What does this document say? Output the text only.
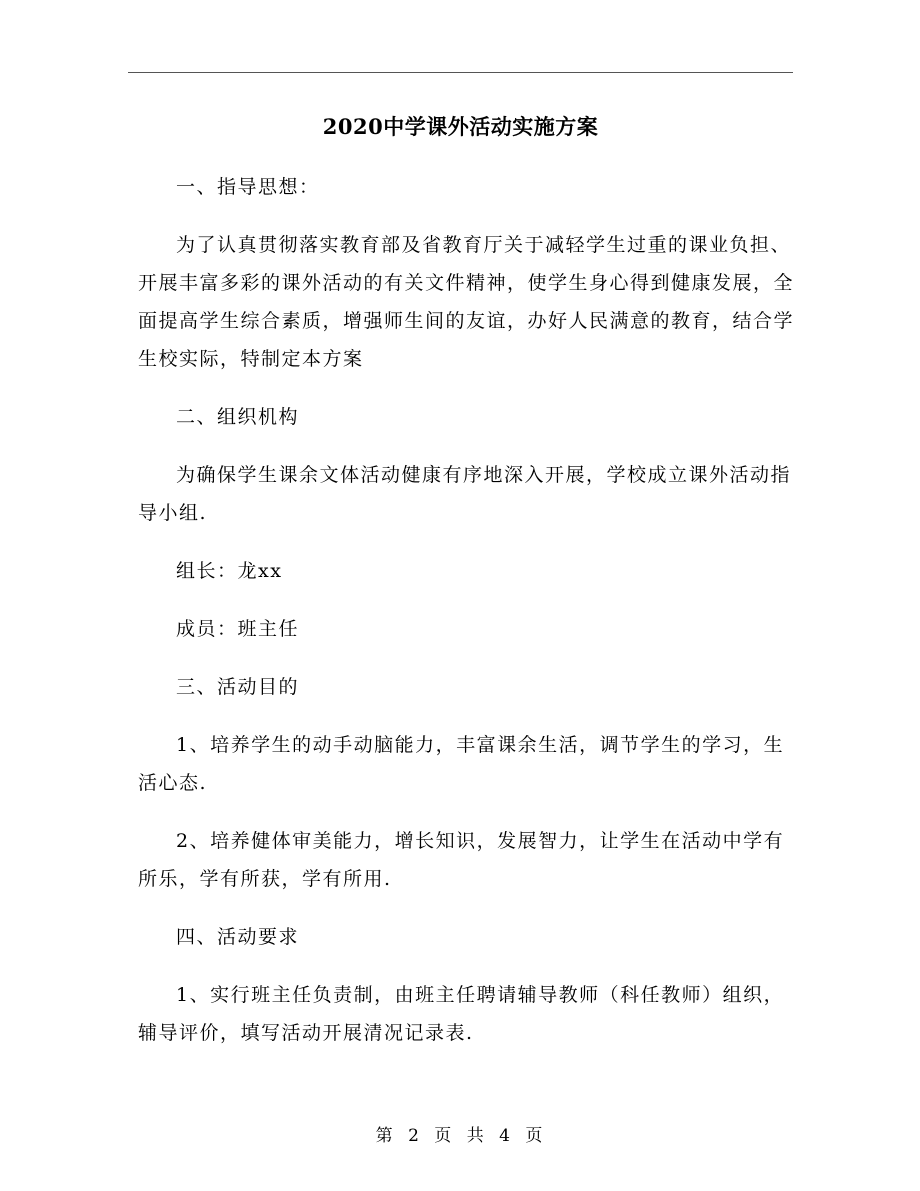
2020中学课外活动实施方案

一、指导思想：

为了认真贯彻落实教育部及省教育厅关于减轻学生过重的课业负担、开展丰富多彩的课外活动的有关文件精神，使学生身心得到健康发展，全面提高学生综合素质，增强师生间的友谊，办好人民满意的教育，结合学生校实际，特制定本方案

二、组织机构

为确保学生课余文体活动健康有序地深入开展，学校成立课外活动指导小组.

组长：龙xx

成员：班主任

三、活动目的

1、培养学生的动手动脑能力，丰富课余生活，调节学生的学习，生活心态.

2、培养健体审美能力，增长知识，发展智力，让学生在活动中学有所乐，学有所获，学有所用.

四、活动要求

1、实行班主任负责制，由班主任聘请辅导教师（科任教师）组织，辅导评价，填写活动开展清况记录表.

第 2 页 共 4 页
